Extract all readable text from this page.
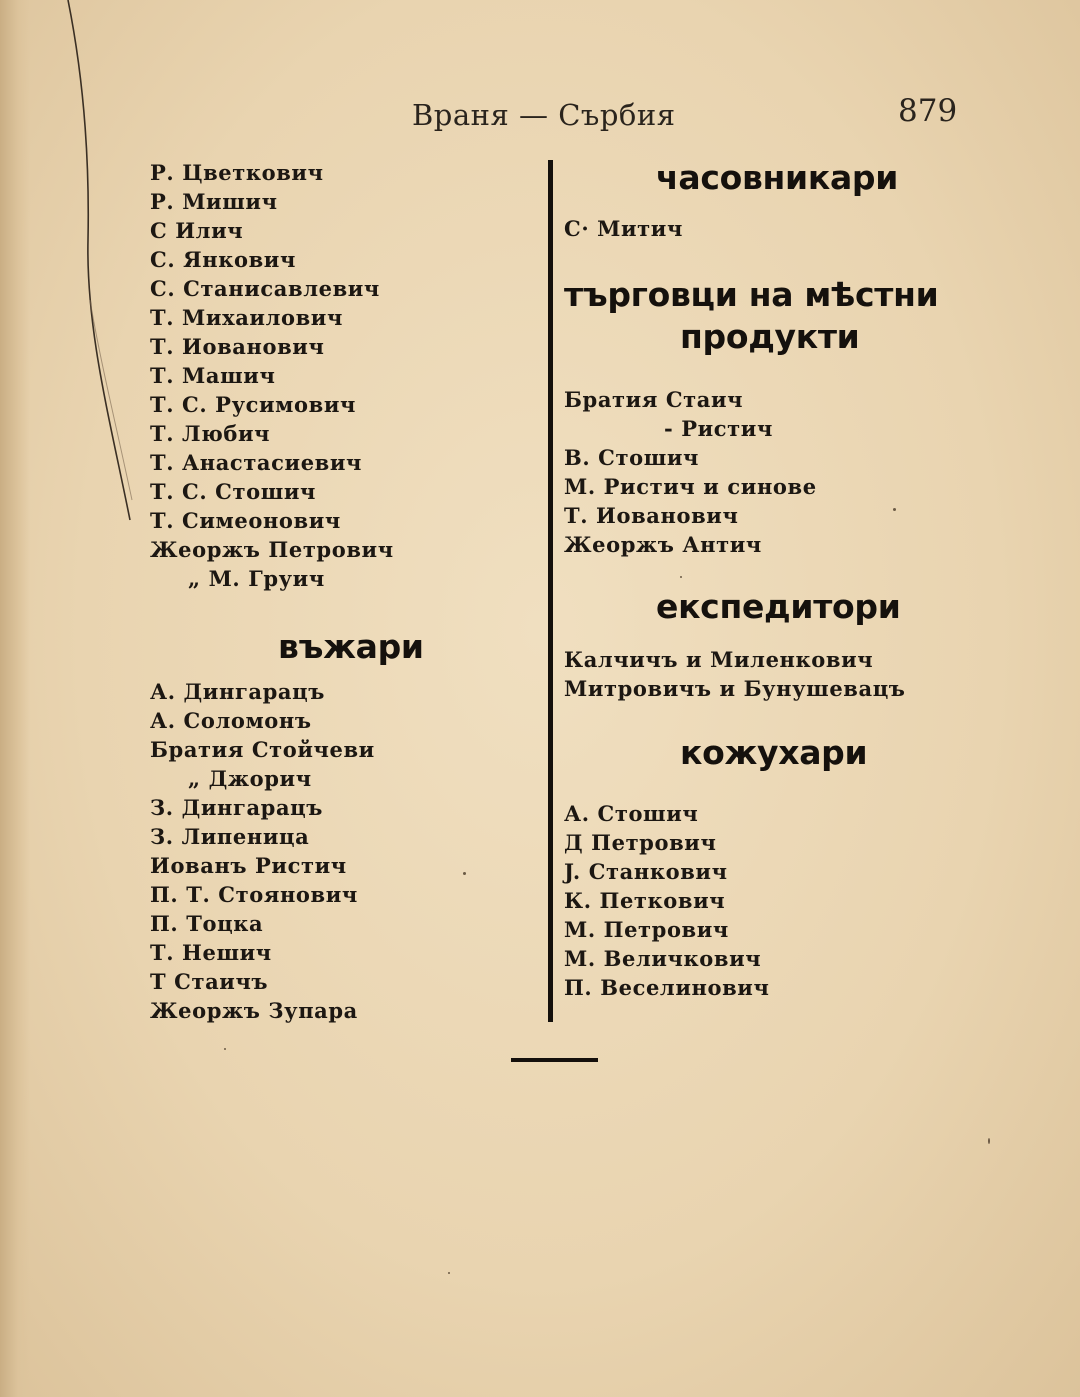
Враня — Сърбия	879
Р. Цветкович
Р. Мишич
С Илич
С. Янкович
С. Станисавлевич
Т. Михаилович
Т. Иованович
Т. Машич
Т. С. Русимович
Т. Любич
Т. Анастасиевич
Т. С. Стошич
Т. Симеонович
Жеоржъ Петрович
„ М. Груич
въжари
А. Дингарацъ
А. Соломонъ
Братия Стойчеви
„ Джорич
З. Дингарацъ
З. Липеница
Иованъ Ристич
П. Т. Стоянович
П. Тоцка
Т. Нешич
Т Стаичъ
Жеоржъ Зупара
часовникари
С· Митич
търговци на мѣстни
продукти
Братия Стаич
- Ристич
В. Стошич
М. Ристич и синове
Т. Иованович
Жеоржъ Антич
експедитори
Калчичъ и Миленкович
Митровичъ и Бунушевацъ
кожухари
А. Стошич
Д Петрович
J. Станкович
К. Петкович
М. Петрович
М. Величкович
П. Веселинович
